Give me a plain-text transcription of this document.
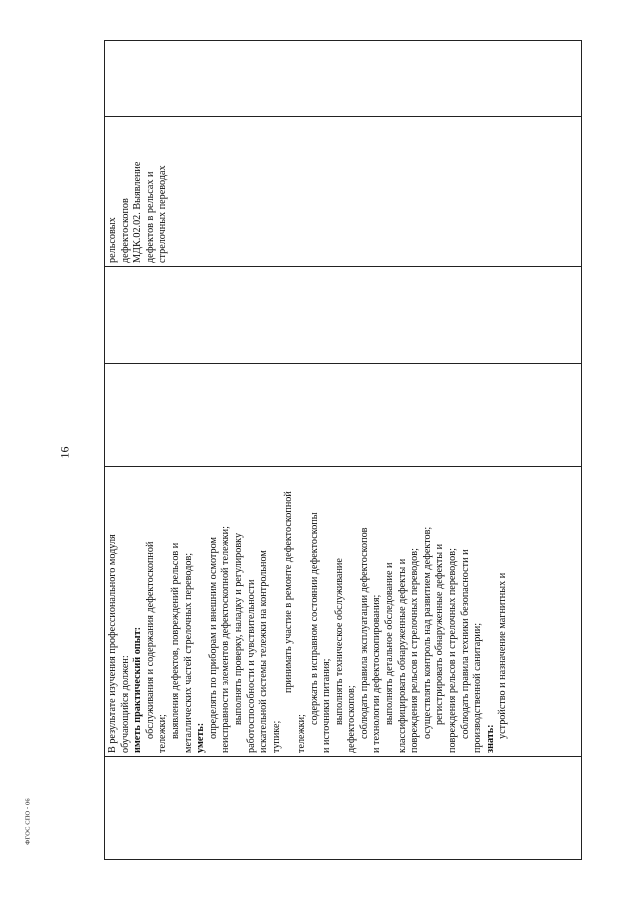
16
В результате изучения профессионального модуля обучающийся должен: иметь практический опыт: обслуживания и содержания дефектоскопной тележки; выявления дефектов, повреждений рельсов и металлических частей стрелочных переводов; уметь: определять по приборам и внешним осмотром неисправности элементов дефектоскопной тележки; выполнять проверку, наладку и регулировку работоспособности и чувствительности искательной системы тележки на контрольном тупике;
принимать участие в ремонте дефектоскопной
тележки;
содержать в исправном состоянии дефектоскопы и источники питания; выполнять техническое обслуживание дефектоскопов; соблюдать правила эксплуатации дефектоскопов и технологии дефектоскопирования; выполнять детальное обследование и классифицировать обнаруженные дефекты и повреждения рельсов и стрелочных переводов; осуществлять контроль над развитием дефектов; регистрировать обнаруженные дефекты и повреждения рельсов и стрелочных переводов; соблюдать правила техники безопасности и производственной санитарии; знать: устройство и назначение магнитных и
рельсовых дефектоскопов МДК.02.02. Выявление дефектов в рельсах и стрелочных переводах
ФГОС СПО - 06
